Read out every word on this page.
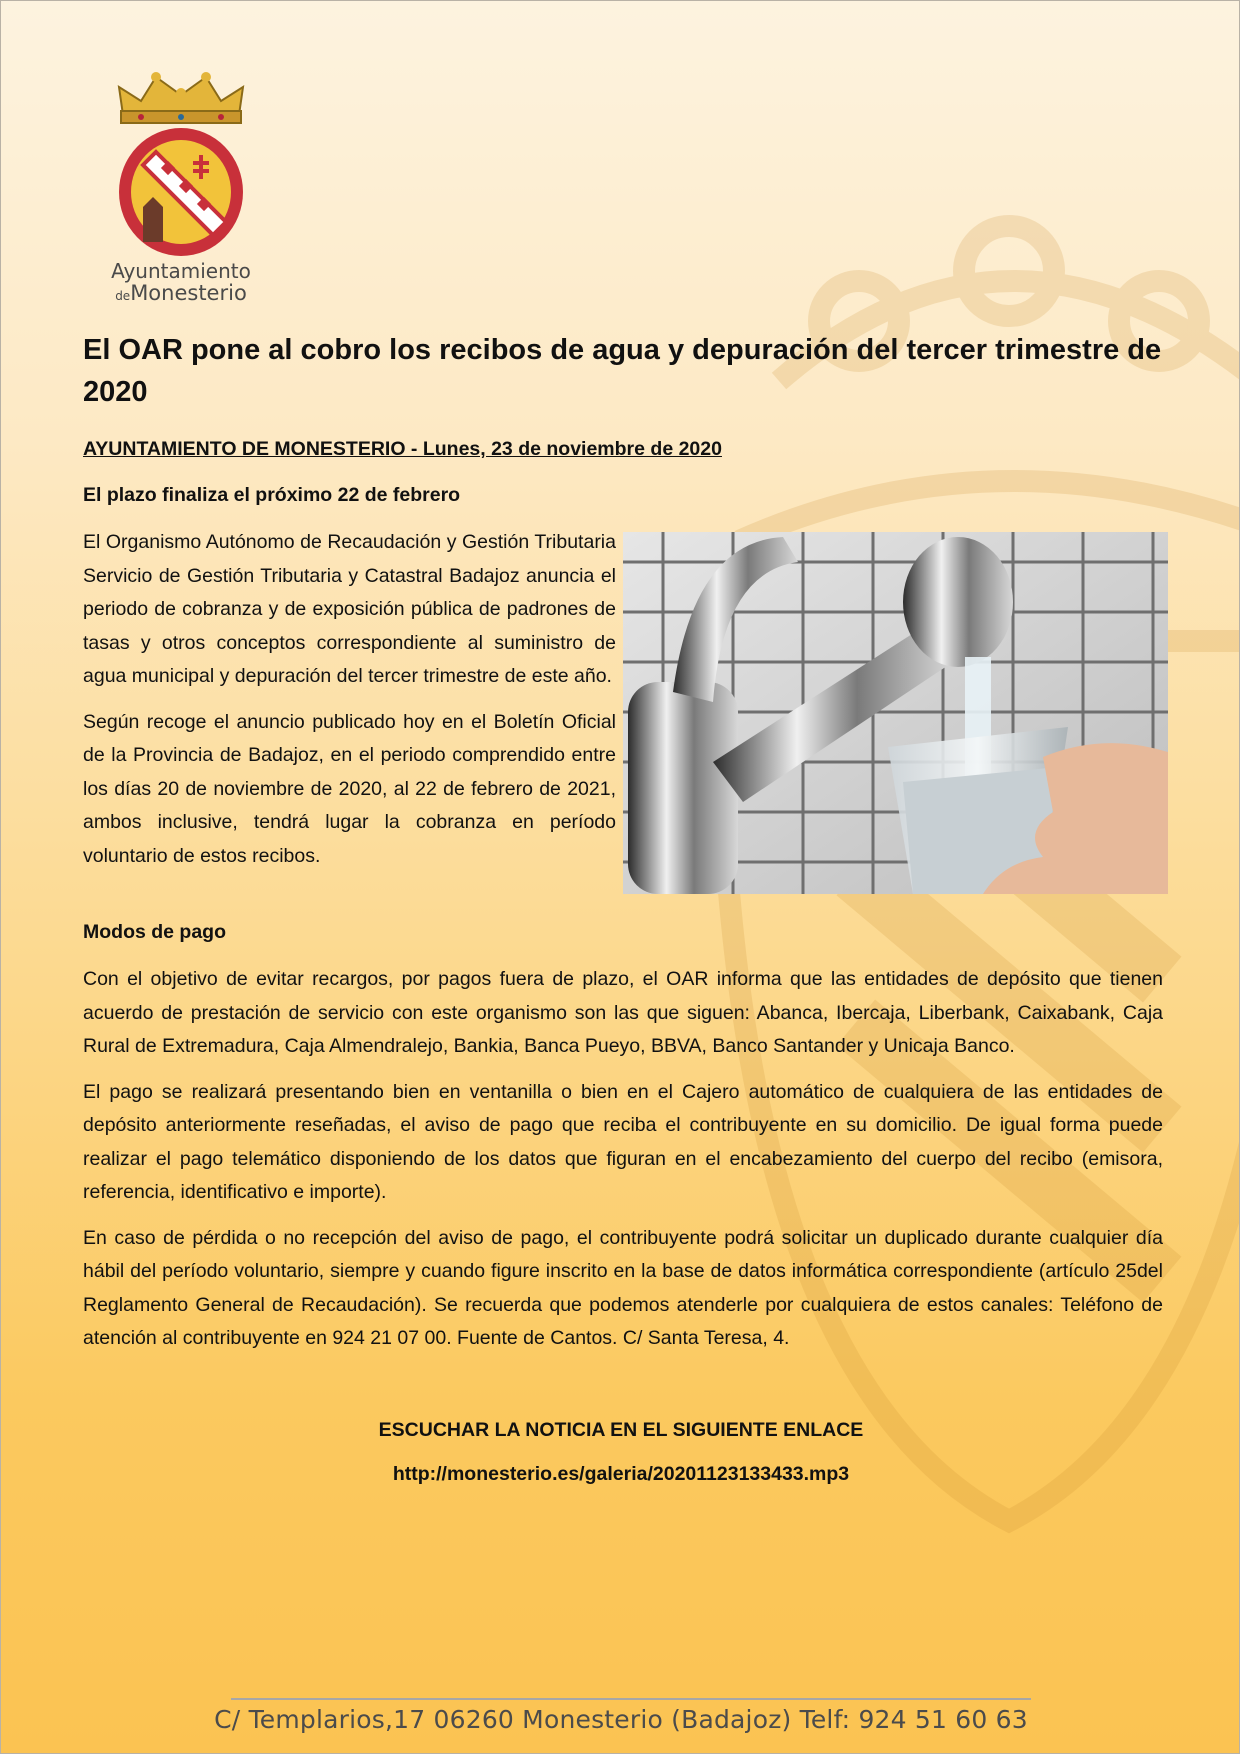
Ayuntamiento
deMonesterio
El OAR pone al cobro los recibos de agua y depuración del tercer trimestre de 2020
AYUNTAMIENTO DE MONESTERIO - Lunes, 23 de noviembre de 2020
El plazo finaliza el próximo 22 de febrero

El Organismo Autónomo de Recaudación y Gestión Tributaria Servicio de Gestión Tributaria y Catastral Badajoz anuncia el periodo de cobranza y de exposición pública de padrones de tasas y otros conceptos correspondiente al suministro de agua municipal y depuración del tercer trimestre de este año.

Según recoge el anuncio publicado hoy en el Boletín Oficial de la Provincia de Badajoz, en el periodo comprendido entre los días 20 de noviembre de 2020, al 22 de febrero de 2021, ambos inclusive, tendrá lugar la cobranza en período voluntario de estos recibos.

Modos de pago

Con el objetivo de evitar recargos, por pagos fuera de plazo, el OAR informa que las entidades de depósito que tienen acuerdo de prestación de servicio con este organismo son las que siguen: Abanca, Ibercaja, Liberbank, Caixabank, Caja Rural de Extremadura, Caja Almendralejo, Bankia, Banca Pueyo, BBVA, Banco Santander y Unicaja Banco.

El pago se realizará presentando bien en ventanilla o bien en el Cajero automático de cualquiera de las entidades de depósito anteriormente reseñadas, el aviso de pago que reciba el contribuyente en su domicilio. De igual forma puede realizar el pago telemático disponiendo de los datos que figuran en el encabezamiento del cuerpo del recibo (emisora, referencia, identificativo e importe).

En caso de pérdida o no recepción del aviso de pago, el contribuyente podrá solicitar un duplicado durante cualquier día hábil del período voluntario, siempre y cuando figure inscrito en la base de datos informática correspondiente (artículo 25del Reglamento General de Recaudación). Se recuerda que podemos atenderle por cualquiera de estos canales: Teléfono de atención al contribuyente en 924 21 07 00. Fuente de Cantos. C/ Santa Teresa, 4.

ESCUCHAR LA NOTICIA EN EL SIGUIENTE ENLACE
http://monesterio.es/galeria/20201123133433.mp3
C/ Templarios,17 06260 Monesterio (Badajoz) Telf: 924 51 60 63
